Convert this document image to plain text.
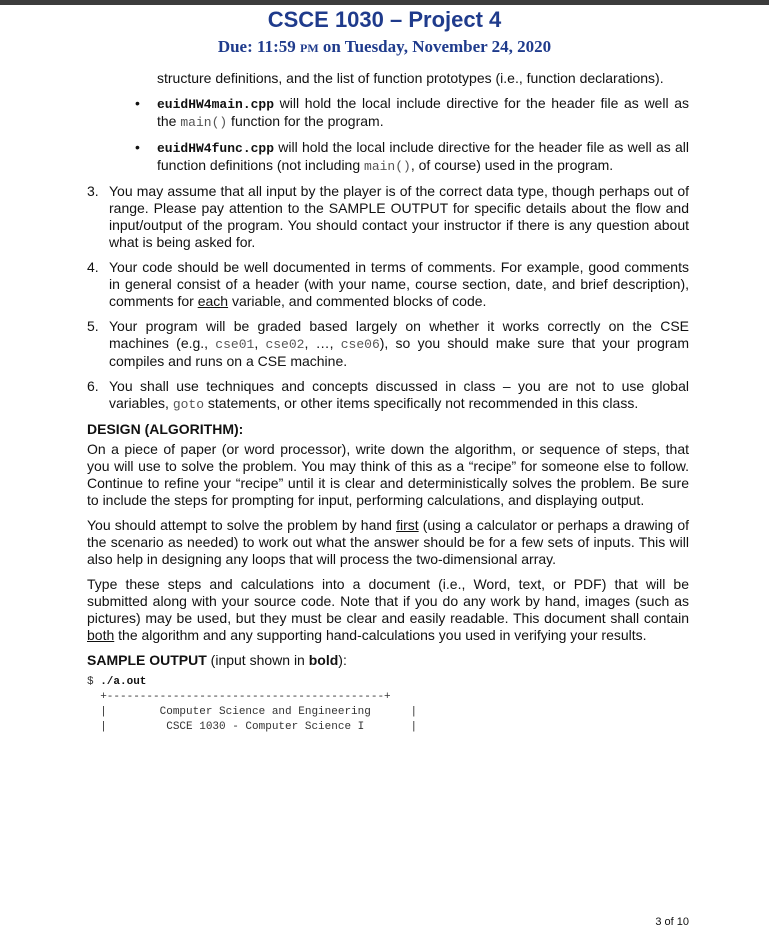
CSCE 1030 – Project 4
Due: 11:59 PM on Tuesday, November 24, 2020

structure definitions, and the list of function prototypes (i.e., function declarations).

• euidHW4main.cpp will hold the local include directive for the header file as well as the main() function for the program.
• euidHW4func.cpp will hold the local include directive for the header file as well as all function definitions (not including main(), of course) used in the program.
3. You may assume that all input by the player is of the correct data type, though perhaps out of range. Please pay attention to the SAMPLE OUTPUT for specific details about the flow and input/output of the program. You should contact your instructor if there is any question about what is being asked for.
4. Your code should be well documented in terms of comments. For example, good comments in general consist of a header (with your name, course section, date, and brief description), comments for each variable, and commented blocks of code.
5. Your program will be graded based largely on whether it works correctly on the CSE machines (e.g., cse01, cse02, …, cse06), so you should make sure that your program compiles and runs on a CSE machine.
6. You shall use techniques and concepts discussed in class – you are not to use global variables, goto statements, or other items specifically not recommended in this class.
DESIGN (ALGORITHM):

On a piece of paper (or word processor), write down the algorithm, or sequence of steps, that you will use to solve the problem. You may think of this as a “recipe” for someone else to follow. Continue to refine your “recipe” until it is clear and deterministically solves the problem. Be sure to include the steps for prompting for input, performing calculations, and displaying output.

You should attempt to solve the problem by hand first (using a calculator or perhaps a drawing of the scenario as needed) to work out what the answer should be for a few sets of inputs. This will also help in designing any loops that will process the two-dimensional array.

Type these steps and calculations into a document (i.e., Word, text, or PDF) that will be submitted along with your source code. Note that if you do any work by hand, images (such as pictures) may be used, but they must be clear and easily readable. This document shall contain both the algorithm and any supporting hand-calculations you used in verifying your results.

SAMPLE OUTPUT (input shown in bold):
$ ./a.out
+------------------------------------------+
|        Computer Science and Engineering      |
|         CSCE 1030 - Computer Science I       |
3 of 10
